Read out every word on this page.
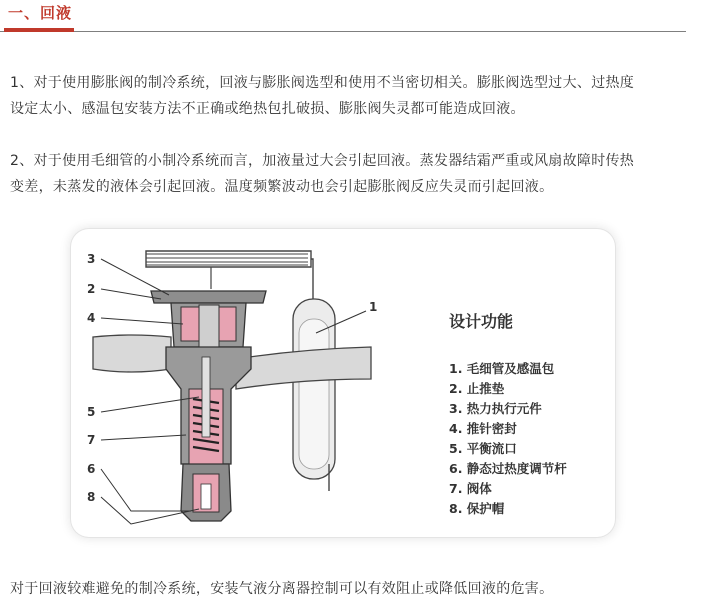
一、回液
1、对于使用膨胀阀的制冷系统，回液与膨胀阀选型和使用不当密切相关。膨胀阀选型过大、过热度
设定太小、感温包安装方法不正确或绝热包扎破损、膨胀阀失灵都可能造成回液。
2、对于使用毛细管的小制冷系统而言，加液量过大会引起回液。蒸发器结霜严重或风扇故障时传热
变差，未蒸发的液体会引起回液。温度频繁波动也会引起膨胀阀反应失灵而引起回液。
3
2
4
5
7
6
8
1
设计功能
1. 毛细管及感温包
2. 止推垫
3. 热力执行元件
4. 推针密封
5. 平衡流口
6. 静态过热度调节杆
7. 阀体
8. 保护帽
对于回液较难避免的制冷系统，安装气液分离器控制可以有效阻止或降低回液的危害。
